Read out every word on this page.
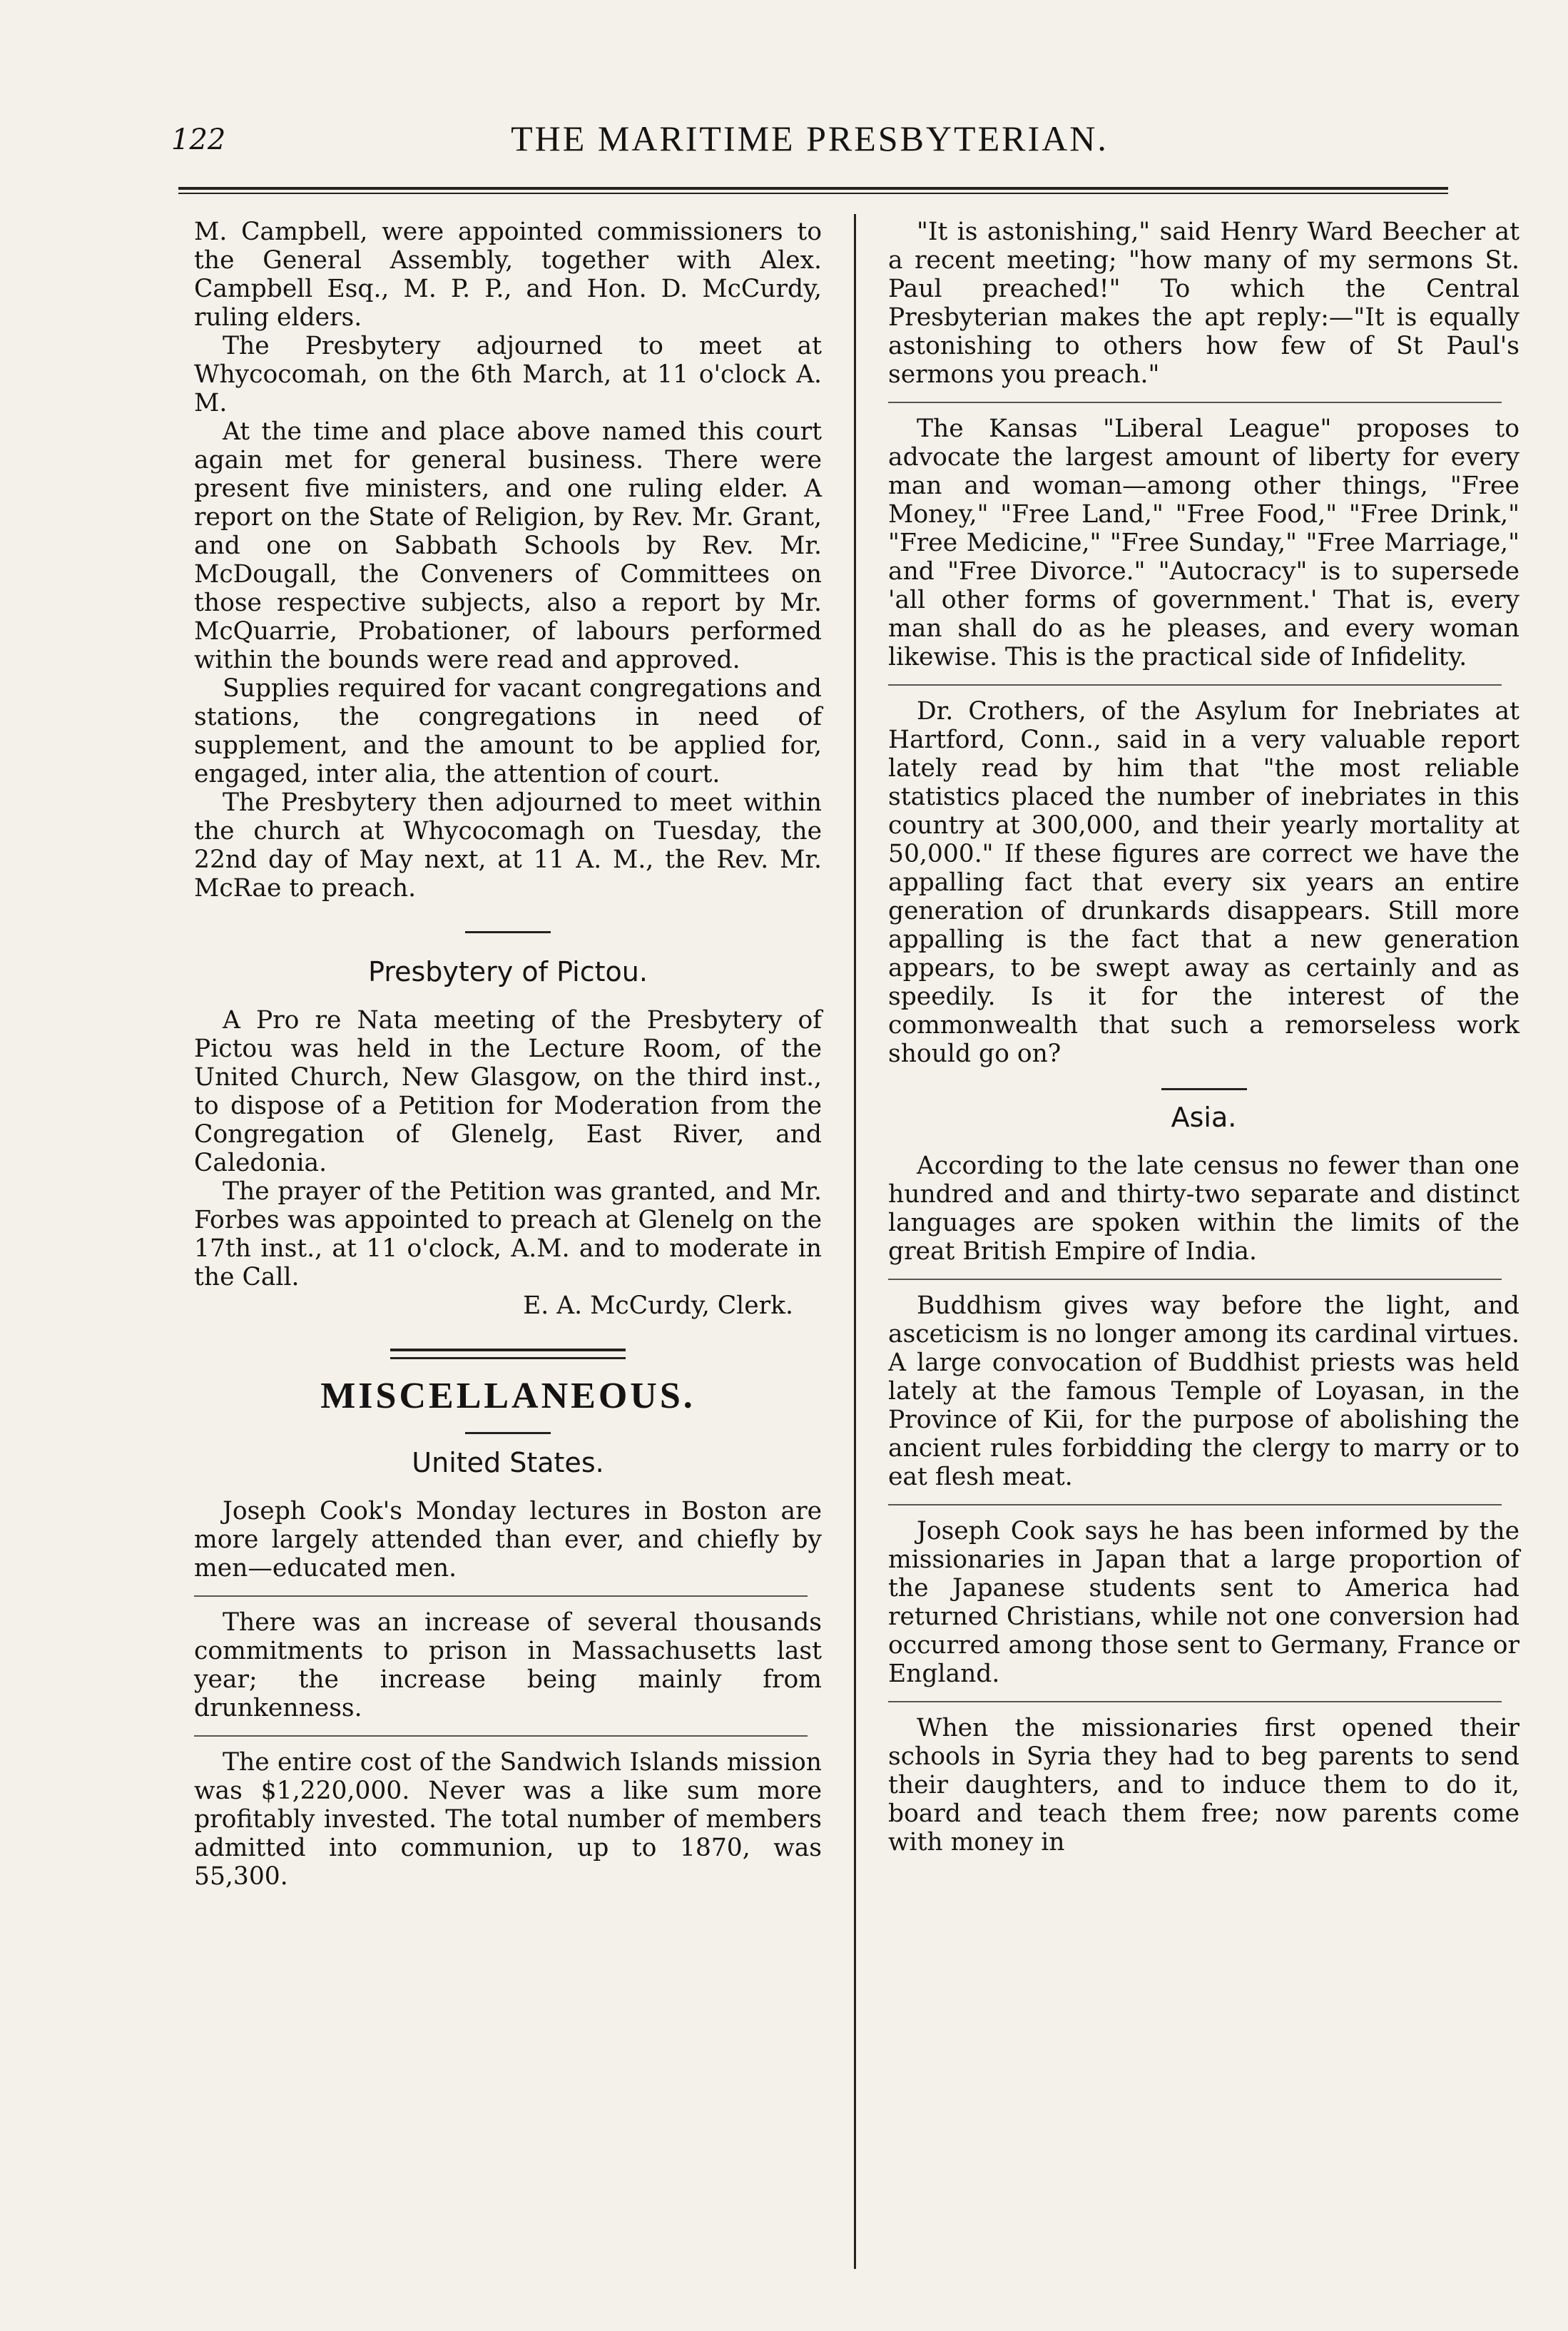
122	THE MARITIME PRESBYTERIAN.

M. Campbell, were appointed commissioners to the General Assembly, together with Alex. Campbell Esq., M. P. P., and Hon. D. McCurdy, ruling elders.

The Presbytery adjourned to meet at Whycocomah, on the 6th March, at 11 o'clock A. M.

At the time and place above named this court again met for general business. There were present five ministers, and one ruling elder. A report on the State of Religion, by Rev. Mr. Grant, and one on Sabbath Schools by Rev. Mr. McDougall, the Conveners of Committees on those respective subjects, also a report by Mr. McQuarrie, Probationer, of labours performed within the bounds were read and approved.

Supplies required for vacant congregations and stations, the congregations in need of supplement, and the amount to be applied for, engaged, inter alia, the attention of court.

The Presbytery then adjourned to meet within the church at Whycocomagh on Tuesday, the 22nd day of May next, at 11 A. M., the Rev. Mr. McRae to preach.

Presbytery of Pictou.

A Pro re Nata meeting of the Presbytery of Pictou was held in the Lecture Room, of the United Church, New Glasgow, on the third inst., to dispose of a Petition for Moderation from the Congregation of Glenelg, East River, and Caledonia.

The prayer of the Petition was granted, and Mr. Forbes was appointed to preach at Glenelg on the 17th inst., at 11 o'clock, A.M. and to moderate in the Call.

E. A. McCurdy, Clerk.

MISCELLANEOUS.
United States.

Joseph Cook's Monday lectures in Boston are more largely attended than ever, and chiefly by men—educated men.

There was an increase of several thousands commitments to prison in Massachusetts last year; the increase being mainly from drunkenness.

The entire cost of the Sandwich Islands mission was $1,220,000. Never was a like sum more profitably invested. The total number of members admitted into communion, up to 1870, was 55,300.

"It is astonishing," said Henry Ward Beecher at a recent meeting; "how many of my sermons St. Paul preached!" To which the Central Presbyterian makes the apt reply:—"It is equally astonishing to others how few of St Paul's sermons you preach."

The Kansas "Liberal League" proposes to advocate the largest amount of liberty for every man and woman—among other things, "Free Money," "Free Land," "Free Food," "Free Drink," "Free Medicine," "Free Sunday," "Free Marriage," and "Free Divorce." "Autocracy" is to supersede 'all other forms of government.' That is, every man shall do as he pleases, and every woman likewise. This is the practical side of Infidelity.

Dr. Crothers, of the Asylum for Inebriates at Hartford, Conn., said in a very valuable report lately read by him that "the most reliable statistics placed the number of inebriates in this country at 300,000, and their yearly mortality at 50,000." If these figures are correct we have the appalling fact that every six years an entire generation of drunkards disappears. Still more appalling is the fact that a new generation appears, to be swept away as certainly and as speedily. Is it for the interest of the commonwealth that such a remorseless work should go on?

Asia.

According to the late census no fewer than one hundred and and thirty-two separate and distinct languages are spoken within the limits of the great British Empire of India.

Buddhism gives way before the light, and asceticism is no longer among its cardinal virtues. A large convocation of Buddhist priests was held lately at the famous Temple of Loyasan, in the Province of Kii, for the purpose of abolishing the ancient rules forbidding the clergy to marry or to eat flesh meat.

Joseph Cook says he has been informed by the missionaries in Japan that a large proportion of the Japanese students sent to America had returned Christians, while not one conversion had occurred among those sent to Germany, France or England.

When the missionaries first opened their schools in Syria they had to beg parents to send their daughters, and to induce them to do it, board and teach them free; now parents come with money in
